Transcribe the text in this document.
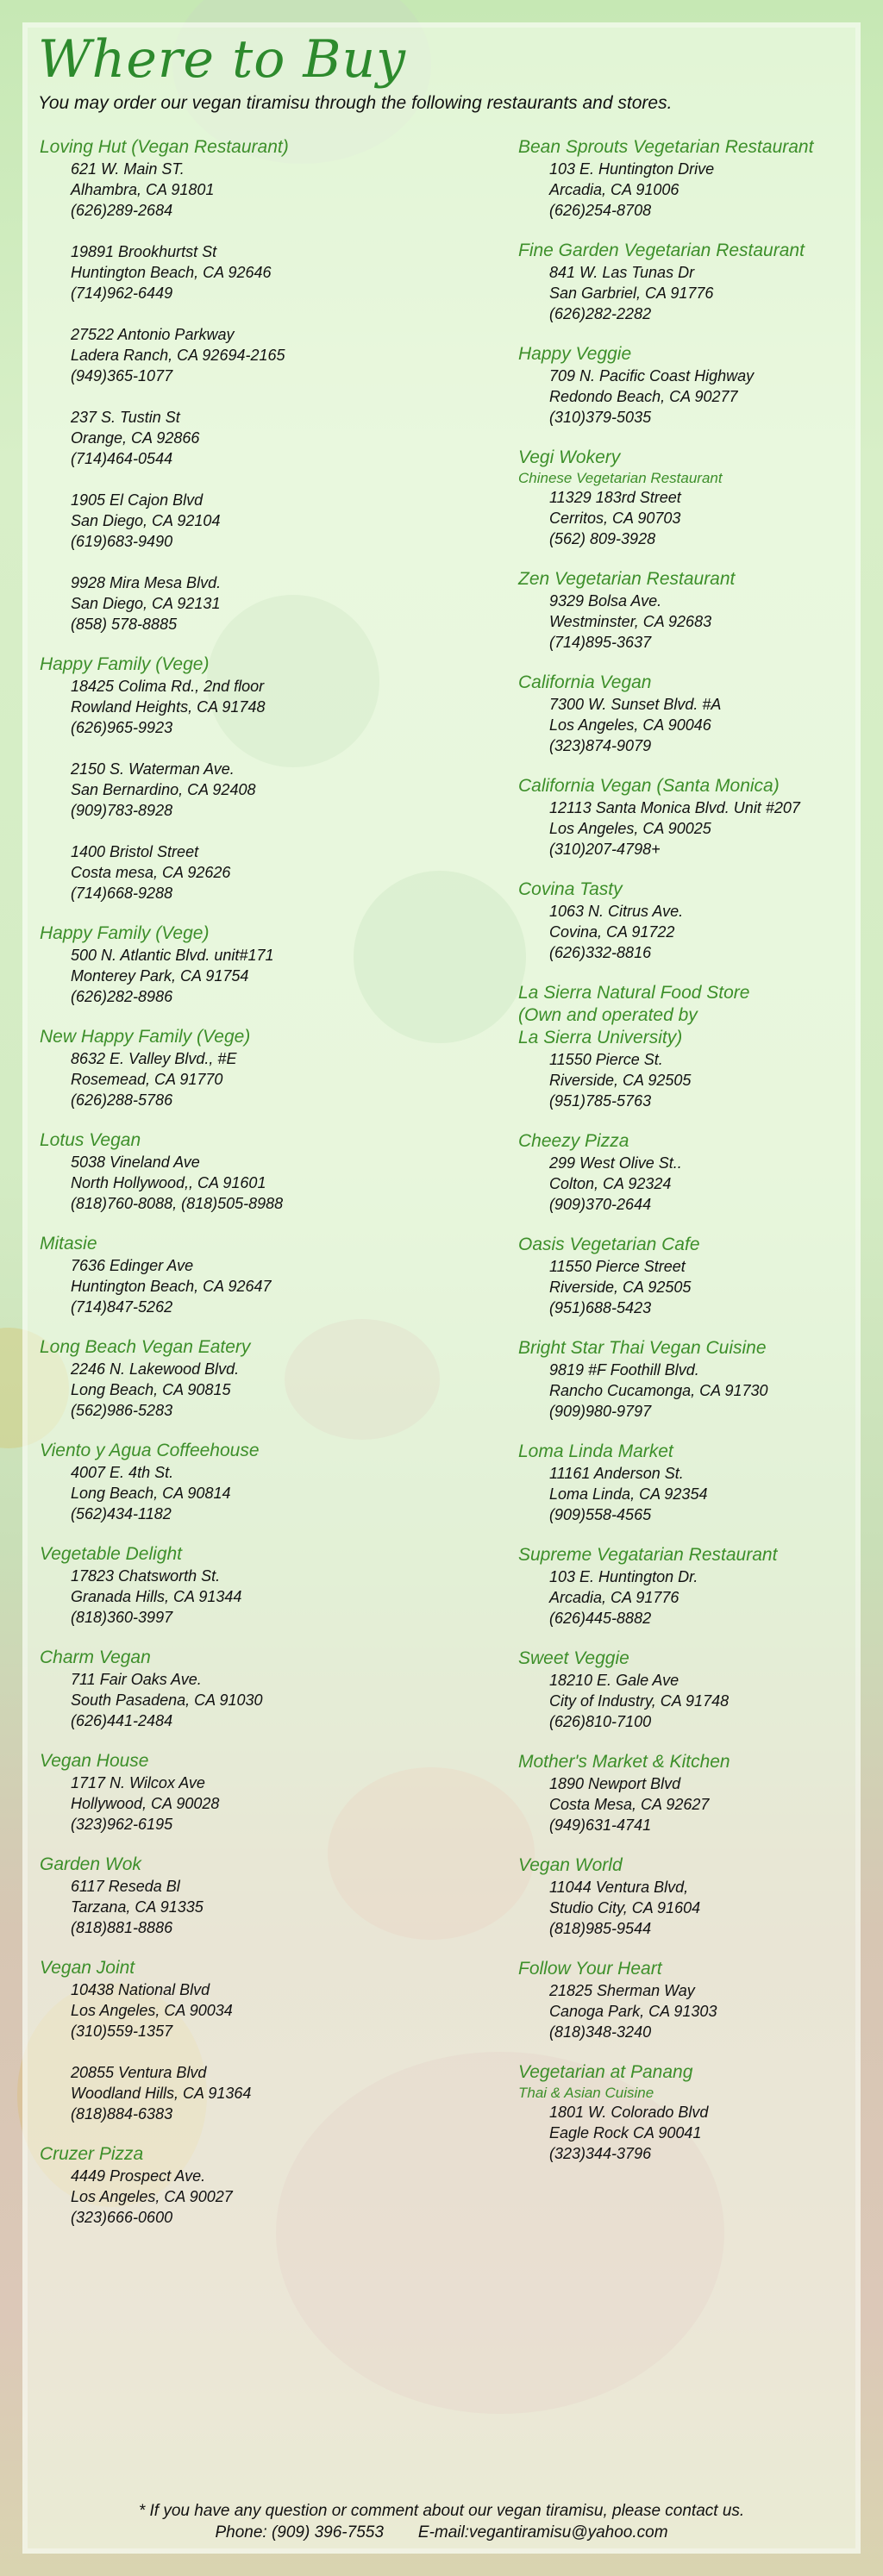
Where to Buy

You may order our vegan tiramisu through the following restaurants and stores.

Loving Hut (Vegan Restaurant)
621 W. Main ST.
Alhambra, CA 91801
(626)289-2684
19891 Brookhurtst St
Huntington Beach, CA 92646
(714)962-6449
27522 Antonio Parkway
Ladera Ranch, CA 92694-2165
(949)365-1077
237 S. Tustin St
Orange, CA 92866
(714)464-0544
1905 El Cajon Blvd
San Diego, CA 92104
(619)683-9490
9928 Mira Mesa Blvd.
San Diego, CA 92131
(858) 578-8885
Happy Family (Vege)
18425 Colima Rd., 2nd floor
Rowland Heights, CA 91748
(626)965-9923
2150 S. Waterman Ave.
San Bernardino, CA 92408
(909)783-8928
1400 Bristol Street
Costa mesa, CA 92626
(714)668-9288
Happy Family (Vege)
500 N. Atlantic Blvd. unit#171
Monterey Park, CA 91754
(626)282-8986
New Happy Family (Vege)
8632 E. Valley Blvd., #E
Rosemead, CA 91770
(626)288-5786
Lotus Vegan
5038 Vineland Ave
North Hollywood,, CA 91601
(818)760-8088, (818)505-8988
Mitasie
7636 Edinger Ave
Huntington Beach, CA 92647
(714)847-5262
Long Beach Vegan Eatery
2246 N. Lakewood Blvd.
Long Beach, CA 90815
(562)986-5283
Viento y Agua Coffeehouse
4007 E. 4th St.
Long Beach, CA 90814
(562)434-1182
Vegetable Delight
17823 Chatsworth St.
Granada Hills, CA 91344
(818)360-3997
Charm Vegan
711 Fair Oaks Ave.
South Pasadena, CA 91030
(626)441-2484
Vegan House
1717 N. Wilcox Ave
Hollywood, CA 90028
(323)962-6195
Garden Wok
6117 Reseda Bl
Tarzana, CA 91335
(818)881-8886
Vegan Joint
10438 National Blvd
Los Angeles, CA 90034
(310)559-1357
20855 Ventura Blvd
Woodland Hills, CA 91364
(818)884-6383
Cruzer Pizza
4449 Prospect Ave.
Los Angeles, CA 90027
(323)666-0600
Bean Sprouts Vegetarian Restaurant
103 E. Huntington Drive
Arcadia, CA 91006
(626)254-8708
Fine Garden Vegetarian Restaurant
841 W. Las Tunas Dr
San Garbriel, CA 91776
(626)282-2282
Happy Veggie
709 N. Pacific Coast Highway
Redondo Beach, CA 90277
(310)379-5035
Vegi Wokery
Chinese Vegetarian Restaurant
11329 183rd Street
Cerritos, CA 90703
(562) 809-3928
Zen Vegetarian Restaurant
9329 Bolsa Ave.
Westminster, CA 92683
(714)895-3637
California Vegan
7300 W. Sunset Blvd. #A
Los Angeles, CA 90046
(323)874-9079
California Vegan (Santa Monica)
12113 Santa Monica Blvd. Unit #207
Los Angeles, CA 90025
(310)207-4798+
Covina Tasty
1063 N. Citrus Ave.
Covina, CA 91722
(626)332-8816
La Sierra Natural Food Store
(Own and operated by
La Sierra University)
11550 Pierce St.
Riverside, CA 92505
(951)785-5763
Cheezy Pizza
299 West Olive St..
Colton, CA 92324
(909)370-2644
Oasis Vegetarian Cafe
11550 Pierce Street
Riverside, CA 92505
(951)688-5423
Bright Star Thai Vegan Cuisine
9819 #F Foothill Blvd.
Rancho Cucamonga, CA 91730
(909)980-9797
Loma Linda Market
11161 Anderson St.
Loma Linda, CA 92354
(909)558-4565
Supreme Vegatarian Restaurant
103 E. Huntington Dr.
Arcadia, CA 91776
(626)445-8882
Sweet Veggie
18210 E. Gale Ave
City of Industry, CA 91748
(626)810-7100
Mother's Market & Kitchen
1890 Newport Blvd
Costa Mesa, CA 92627
(949)631-4741
Vegan World
11044 Ventura Blvd,
Studio City, CA 91604
(818)985-9544
Follow Your Heart
21825 Sherman Way
Canoga Park, CA 91303
(818)348-3240
Vegetarian at Panang
Thai & Asian Cuisine
1801 W. Colorado Blvd
Eagle Rock CA 90041
(323)344-3796
* If you have any question or comment about our vegan tiramisu, please contact us.
Phone: (909) 396-7553 E-mail:vegantiramisu@yahoo.com
